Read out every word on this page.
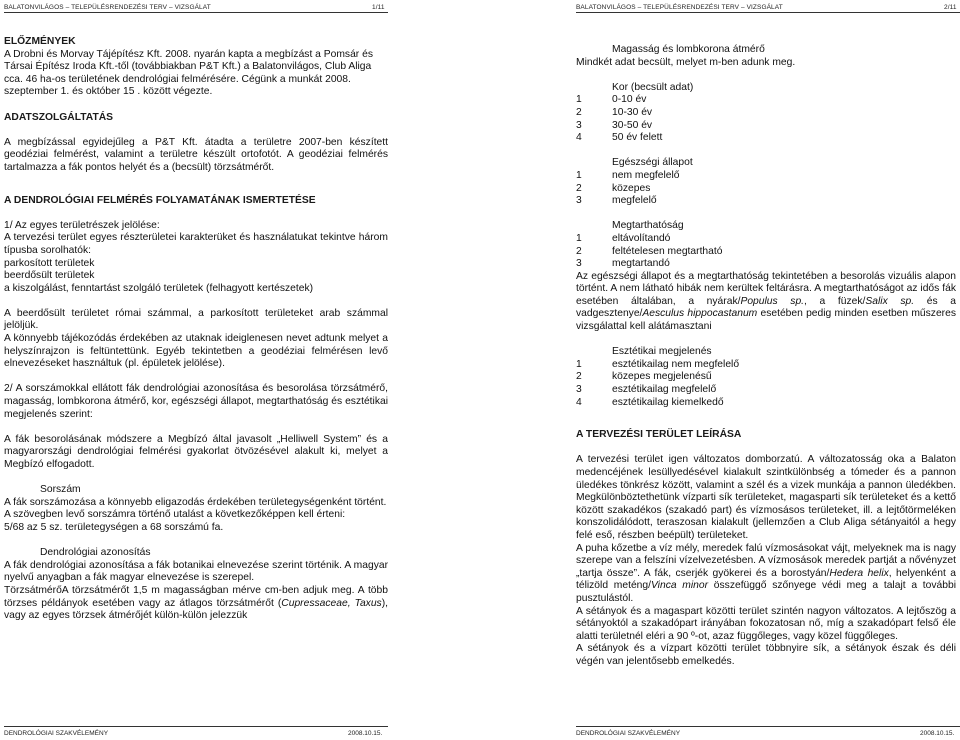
BALATONVILÁGOS – TELEPÜLÉSRENDEZÉSI TERV – VIZSGÁLAT	1/11

ELŐZMÉNYEK

A Drobni és Morvay Tájépítész Kft. 2008. nyarán kapta a megbízást a Pomsár és Társai Építész Iroda Kft.-től (továbbiakban P&T Kft.) a Balatonvilágos, Club Aliga cca. 46 ha-os területének dendrológiai felmérésére. Cégünk a munkát 2008. szeptember 1. és október 15 . között végezte.

ADATSZOLGÁLTATÁS

A megbízással egyidejűleg a P&T Kft. átadta a területre 2007-ben készített geodéziai felmérést, valamint a területre készült ortofotót. A geodéziai felmérés tartalmazza a fák pontos helyét és a (becsült) törzsátmérőt.

A DENDROLÓGIAI FELMÉRÉS FOLYAMATÁNAK ISMERTETÉSE

1/ Az egyes területrészek jelölése:

A tervezési terület egyes részterületei karakterüket és használatukat tekintve három típusba sorolhatók:

parkosított területek

beerdősült területek

a kiszolgálást, fenntartást szolgáló területek (felhagyott kertészetek)

A beerdősült területet római számmal, a parkosított területeket arab számmal jelöljük.

A könnyebb tájékozódás érdekében az utaknak ideiglenesen nevet adtunk melyet a helyszínrajzon is feltüntettünk. Egyéb tekintetben a geodéziai felmérésen levő elnevezéseket használtuk (pl. épületek jelölése).

2/ A sorszámokkal ellátott fák dendrológiai azonosítása és besorolása törzsátmérő, magasság, lombkorona átmérő, kor, egészségi állapot, megtarthatóság és esztétikai megjelenés szerint:

A fák besorolásának módszere a Megbízó által javasolt „Helliwell System” és a magyarországi dendrológiai felmérési gyakorlat ötvözésével alakult ki, melyet a Megbízó elfogadott.

Sorszám

A fák sorszámozása a könnyebb eligazodás érdekében területegységenként történt.

A szövegben levő sorszámra történő utalást a következőképpen kell érteni:

5/68 az 5 sz. területegységen a 68 sorszámú fa.

Dendrológiai azonosítás

A fák dendrológiai azonosítása a fák botanikai elnevezése szerint történik. A magyar nyelvű anyagban a fák magyar elnevezése is szerepel.

TörzsátmérőA törzsátmérőt 1,5 m magasságban mérve cm-ben adjuk meg. A több törzses példányok esetében vagy az átlagos törzsátmérőt (Cupressaceae, Taxus), vagy az egyes törzsek átmérőjét külön-külön jelezzük

DENDROLÓGIAI SZAKVÉLEMÉNY	2008.10.15.
BALATONVILÁGOS – TELEPÜLÉSRENDEZÉSI TERV – VIZSGÁLAT	2/11

Magasság és lombkorona átmérő

Mindkét adat becsült, melyet m-ben adunk meg.

Kor (becsült adat)

1	0-10 év
2	10-30 év
3	30-50 év
4	50 év felett

Egészségi állapot

1	nem megfelelő
2	közepes
3	megfelelő

Megtarthatóság

1	eltávolítandó
2	feltételesen megtartható
3	megtartandó

Az egészségi állapot és a megtarthatóság tekintetében a besorolás vizuális alapon történt. A nem látható hibák nem kerültek feltárásra. A megtarthatóságot az idős fák esetében általában, a nyárak/Populus sp., a füzek/Salix sp. és a vadgesztenye/Aesculus hippocastanum esetében pedig minden esetben műszeres vizsgálattal kell alátámasztani

Esztétikai megjelenés

1	esztétikailag nem megfelelő
2	közepes megjelenésű
3	esztétikailag megfelelő
4	esztétikailag kiemelkedő

A TERVEZÉSI TERÜLET LEÍRÁSA

A tervezési terület igen változatos domborzatú. A változatosság oka a Balaton medencéjének lesüllyedésével kialakult szintkülönbség a tómeder és a pannon üledékes tönkrész között, valamint a szél és a vizek munkája a pannon üledékben. Megkülönböztethetünk vízparti sík területeket, magasparti sík területeket és a kettő között szakadékos (szakadó part) és vízmosásos területeket, ill. a lejtőtörmeléken konszolidálódott, teraszosan kialakult (jellemzően a Club Aliga sétányaitól a hegy felé eső, részben beépült) területeket.

A puha kőzetbe a víz mély, meredek falú vízmosásokat vájt, melyeknek ma is nagy szerepe van a felszíni vízelvezetésben. A vízmosások meredek partját a nővényzet „tartja össze”. A fák, cserjék gyökerei és a borostyán/Hedera helix, helyenként a télizöld meténg/Vinca minor összefüggő szőnyege védi meg a talajt a további pusztulástól.

A sétányok és a magaspart közötti terület szintén nagyon változatos. A lejtőszög a sétányoktól a szakadópart irányában fokozatosan nő, míg a szakadópart felső éle alatti területnél eléri a 90 º-ot, azaz függőleges, vagy közel függőleges.

A sétányok és a vízpart közötti terület többnyire sík, a sétányok észak és déli végén van jelentősebb emelkedés.

DENDROLÓGIAI SZAKVÉLEMÉNY	2008.10.15.
